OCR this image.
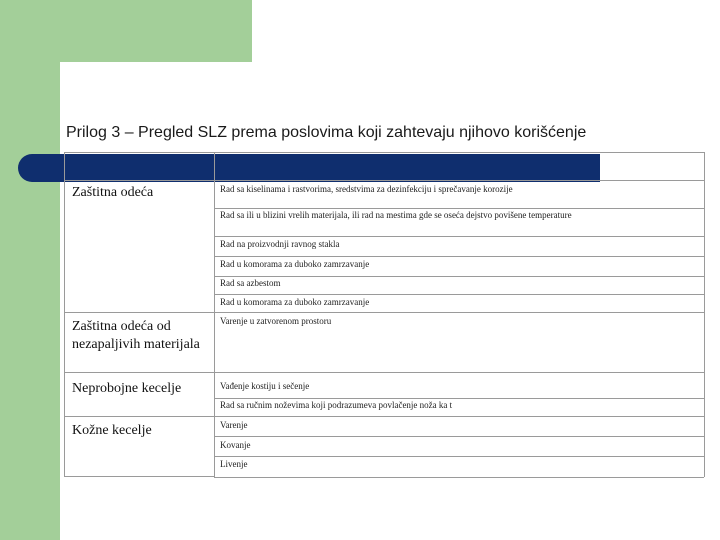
Prilog 3 – Pregled SLZ prema poslovima koji zahtevaju njihovo korišćenje

Zaštitna odeća

Zaštitna odeća od nezapaljivih materijala

Neprobojne kecelje

Kožne kecelje

Rad sa kiselinama i rastvorima, sredstvima za dezinfekciju i sprečavanje korozije
Rad sa ili u blizini vrelih materijala, ili rad na mestima gde se oseća dejstvo povišene temperature
Rad na proizvodnji ravnog stakla
Rad u komorama za duboko zamrzavanje
Rad sa azbestom
Rad u komorama za duboko zamrzavanje
Varenje u zatvorenom prostoru
Vađenje kostiju i sečenje
Rad sa ručnim noževima koji podrazumeva povlačenje noža ka t
Varenje
Kovanje
Livenje
